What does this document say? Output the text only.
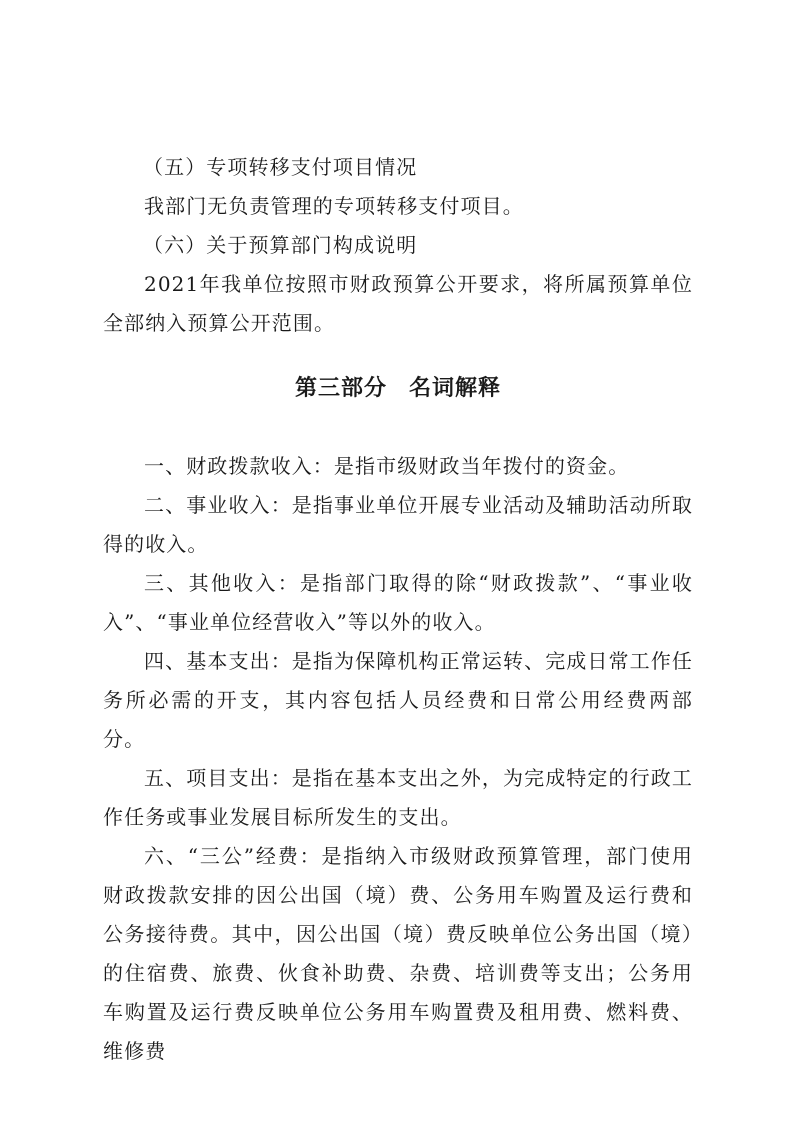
（五）专项转移支付项目情况

我部门无负责管理的专项转移支付项目。

（六）关于预算部门构成说明

2021年我单位按照市财政预算公开要求，将所属预算单位全部纳入预算公开范围。

第三部分 名词解释

一、财政拨款收入：是指市级财政当年拨付的资金。

二、事业收入：是指事业单位开展专业活动及辅助活动所取得的收入。

三、其他收入：是指部门取得的除“财政拨款”、“事业收入”、“事业单位经营收入”等以外的收入。

四、基本支出：是指为保障机构正常运转、完成日常工作任务所必需的开支，其内容包括人员经费和日常公用经费两部分。

五、项目支出：是指在基本支出之外，为完成特定的行政工作任务或事业发展目标所发生的支出。

六、“三公”经费：是指纳入市级财政预算管理，部门使用财政拨款安排的因公出国（境）费、公务用车购置及运行费和公务接待费。其中，因公出国（境）费反映单位公务出国（境）的住宿费、旅费、伙食补助费、杂费、培训费等支出；公务用车购置及运行费反映单位公务用车购置费及租用费、燃料费、维修费
